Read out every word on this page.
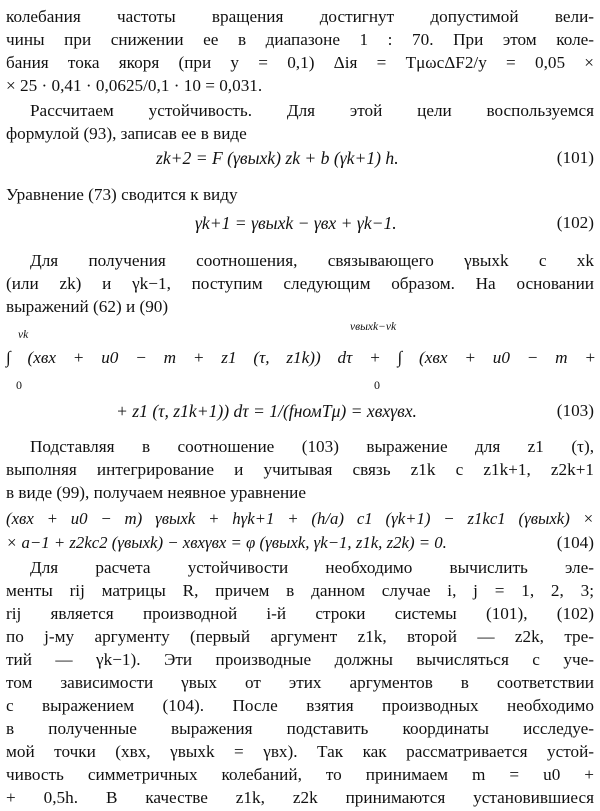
колебания частоты вращения достигнут допустимой вели-
чины при снижении ее в диапазоне 1 : 70. При этом коле-
бания тока якоря (при y = 0,1) Δiя = TμωcΔF2/y = 0,05 ×
× 25 · 0,41 · 0,0625/0,1 · 10 = 0,031.
Рассчитаем устойчивость. Для этой цели воспользуемся
формулой (93), записав ее в виде
zk+2 = F (γвыхk) zk + b (γk+1) h.	(101)
Уравнение (73) сводится к виду
γk+1 = γвыхk − γвх + γk−1.	(102)
Для получения соотношения, связывающего γвыхk с xk
(или zk) и γk−1, поступим следующим образом. На основании
выражений (62) и (90)
νk
νвыхk−νk
∫ (xвх + u0 − m + z1 (τ, z1k)) dτ + ∫ (xвх + u0 − m +
0	0
+ z1 (τ, z1k+1)) dτ = 1/(fномTμ) = xвхγвх.	(103)
Подставляя в соотношение (103) выражение для z1 (τ),
выполняя интегрирование и учитывая связь z1k с z1k+1, z2k+1
в виде (99), получаем неявное уравнение
(xвх + u0 − m) γвыхk + hγk+1 + (h/a) c1 (γk+1) − z1kc1 (γвыхk) ×
× a−1 + z2kc2 (γвыхk) − xвхγвх = φ (γвыхk, γk−1, z1k, z2k) = 0.	(104)
Для расчета устойчивости необходимо вычислить эле-
менты rij матрицы R, причем в данном случае i, j = 1, 2, 3;
rij является производной i-й строки системы (101), (102)
по j-му аргументу (первый аргумент z1k, второй — z2k, тре-
тий — γk−1). Эти производные должны вычисляться с уче-
том зависимости γвых от этих аргументов в соответствии
с выражением (104). После взятия производных необходимо
в полученные выражения подставить координаты исследуе-
мой точки (xвх, γвыхk = γвх). Так как рассматривается устой-
чивость симметричных колебаний, то принимаем m = u0 +
+ 0,5h. В качестве z1k, z2k принимаются установившиеся
